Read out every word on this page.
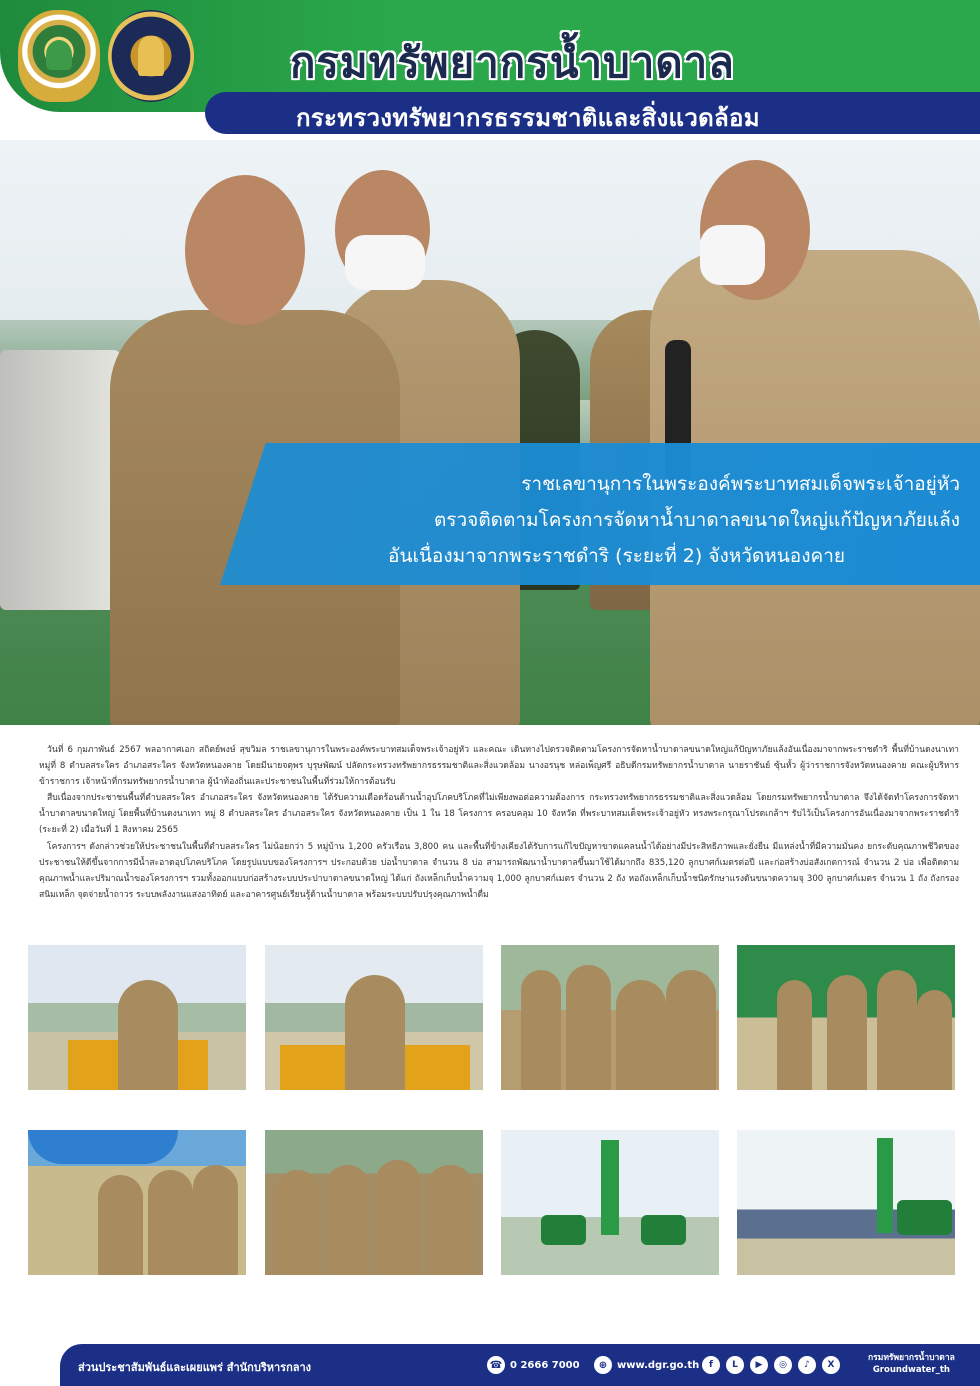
กรมทรัพยากรน้ำบาดาล
กระทรวงทรัพยากรธรรมชาติและสิ่งแวดล้อม
ราชเลขานุการในพระองค์พระบาทสมเด็จพระเจ้าอยู่หัว
ตรวจติดตามโครงการจัดหาน้ำบาดาลขนาดใหญ่แก้ปัญหาภัยแล้ง
อันเนื่องมาจากพระราชดำริ (ระยะที่ 2) จังหวัดหนองคาย

วันที่ 6 กุมภาพันธ์ 2567 พลอากาศเอก สถิตย์พงษ์ สุขวิมล ราชเลขานุการในพระองค์พระบาทสมเด็จพระเจ้าอยู่หัว และคณะ เดินทางไปตรวจติดตามโครงการจัดหาน้ำบาดาลขนาดใหญ่แก้ปัญหาภัยแล้งอันเนื่องมาจากพระราชดำริ พื้นที่บ้านดงนาเทา หมู่ที่ 8 ตำบลสระใคร อำเภอสระใคร จังหวัดหนองคาย โดยมีนายจตุพร บุรุษพัฒน์ ปลัดกระทรวงทรัพยากรธรรมชาติและสิ่งแวดล้อม นางอรนุช หล่อเพ็ญศรี อธิบดีกรมทรัพยากรน้ำบาดาล นายราชันย์ ซุ้นหั้ว ผู้ว่าราชการจังหวัดหนองคาย คณะผู้บริหาร ข้าราชการ เจ้าหน้าที่กรมทรัพยากรน้ำบาดาล ผู้นำท้องถิ่นและประชาชนในพื้นที่ร่วมให้การต้อนรับ

สืบเนื่องจากประชาชนพื้นที่ตำบลสระใคร อำเภอสระใคร จังหวัดหนองคาย ได้รับความเดือดร้อนด้านน้ำอุปโภคบริโภคที่ไม่เพียงพอต่อความต้องการ กระทรวงทรัพยากรธรรมชาติและสิ่งแวดล้อม โดยกรมทรัพยากรน้ำบาดาล จึงได้จัดทำโครงการจัดหาน้ำบาดาลขนาดใหญ่ โดยพื้นที่บ้านดงนาเทา หมู่ 8 ตำบลสระใคร อำเภอสระใคร จังหวัดหนองคาย เป็น 1 ใน 18 โครงการ ครอบคลุม 10 จังหวัด ที่พระบาทสมเด็จพระเจ้าอยู่หัว ทรงพระกรุณาโปรดเกล้าฯ รับไว้เป็นโครงการอันเนื่องมาจากพระราชดำริ (ระยะที่ 2) เมื่อวันที่ 1 สิงหาคม 2565

โครงการฯ ดังกล่าวช่วยให้ประชาชนในพื้นที่ตำบลสระใคร ไม่น้อยกว่า 5 หมู่บ้าน 1,200 ครัวเรือน 3,800 คน และพื้นที่ข้างเคียงได้รับการแก้ไขปัญหาขาดแคลนน้ำได้อย่างมีประสิทธิภาพและยั่งยืน มีแหล่งน้ำที่มีความมั่นคง ยกระดับคุณภาพชีวิตของประชาชนให้ดีขึ้นจากการมีน้ำสะอาดอุปโภคบริโภค โดยรูปแบบของโครงการฯ ประกอบด้วย บ่อน้ำบาดาล จำนวน 8 บ่อ สามารถพัฒนาน้ำบาดาลขึ้นมาใช้ได้มากถึง 835,120 ลูกบาศก์เมตรต่อปี และก่อสร้างบ่อสังเกตการณ์ จำนวน 2 บ่อ เพื่อติดตามคุณภาพน้ำและปริมาณน้ำของโครงการฯ รวมทั้งออกแบบก่อสร้างระบบประปาบาดาลขนาดใหญ่ ได้แก่ ถังเหล็กเก็บน้ำความจุ 1,000 ลูกบาศก์เมตร จำนวน 2 ถัง หอถังเหล็กเก็บน้ำชนิดรักษาแรงดันขนาดความจุ 300 ลูกบาศก์เมตร จำนวน 1 ถัง ถังกรองสนิมเหล็ก จุดจ่ายน้ำถาวร ระบบพลังงานแสงอาทิตย์ และอาคารศูนย์เรียนรู้ด้านน้ำบาดาล พร้อมระบบปรับปรุงคุณภาพน้ำดื่ม

ส่วนประชาสัมพันธ์และเผยแพร่ สำนักบริหารกลาง	☎ 0 2666 7000	⊕ www.dgr.go.th	f	L	▶	◎	♪	X
กรมทรัพยากรน้ำบาดาล
Groundwater_th
